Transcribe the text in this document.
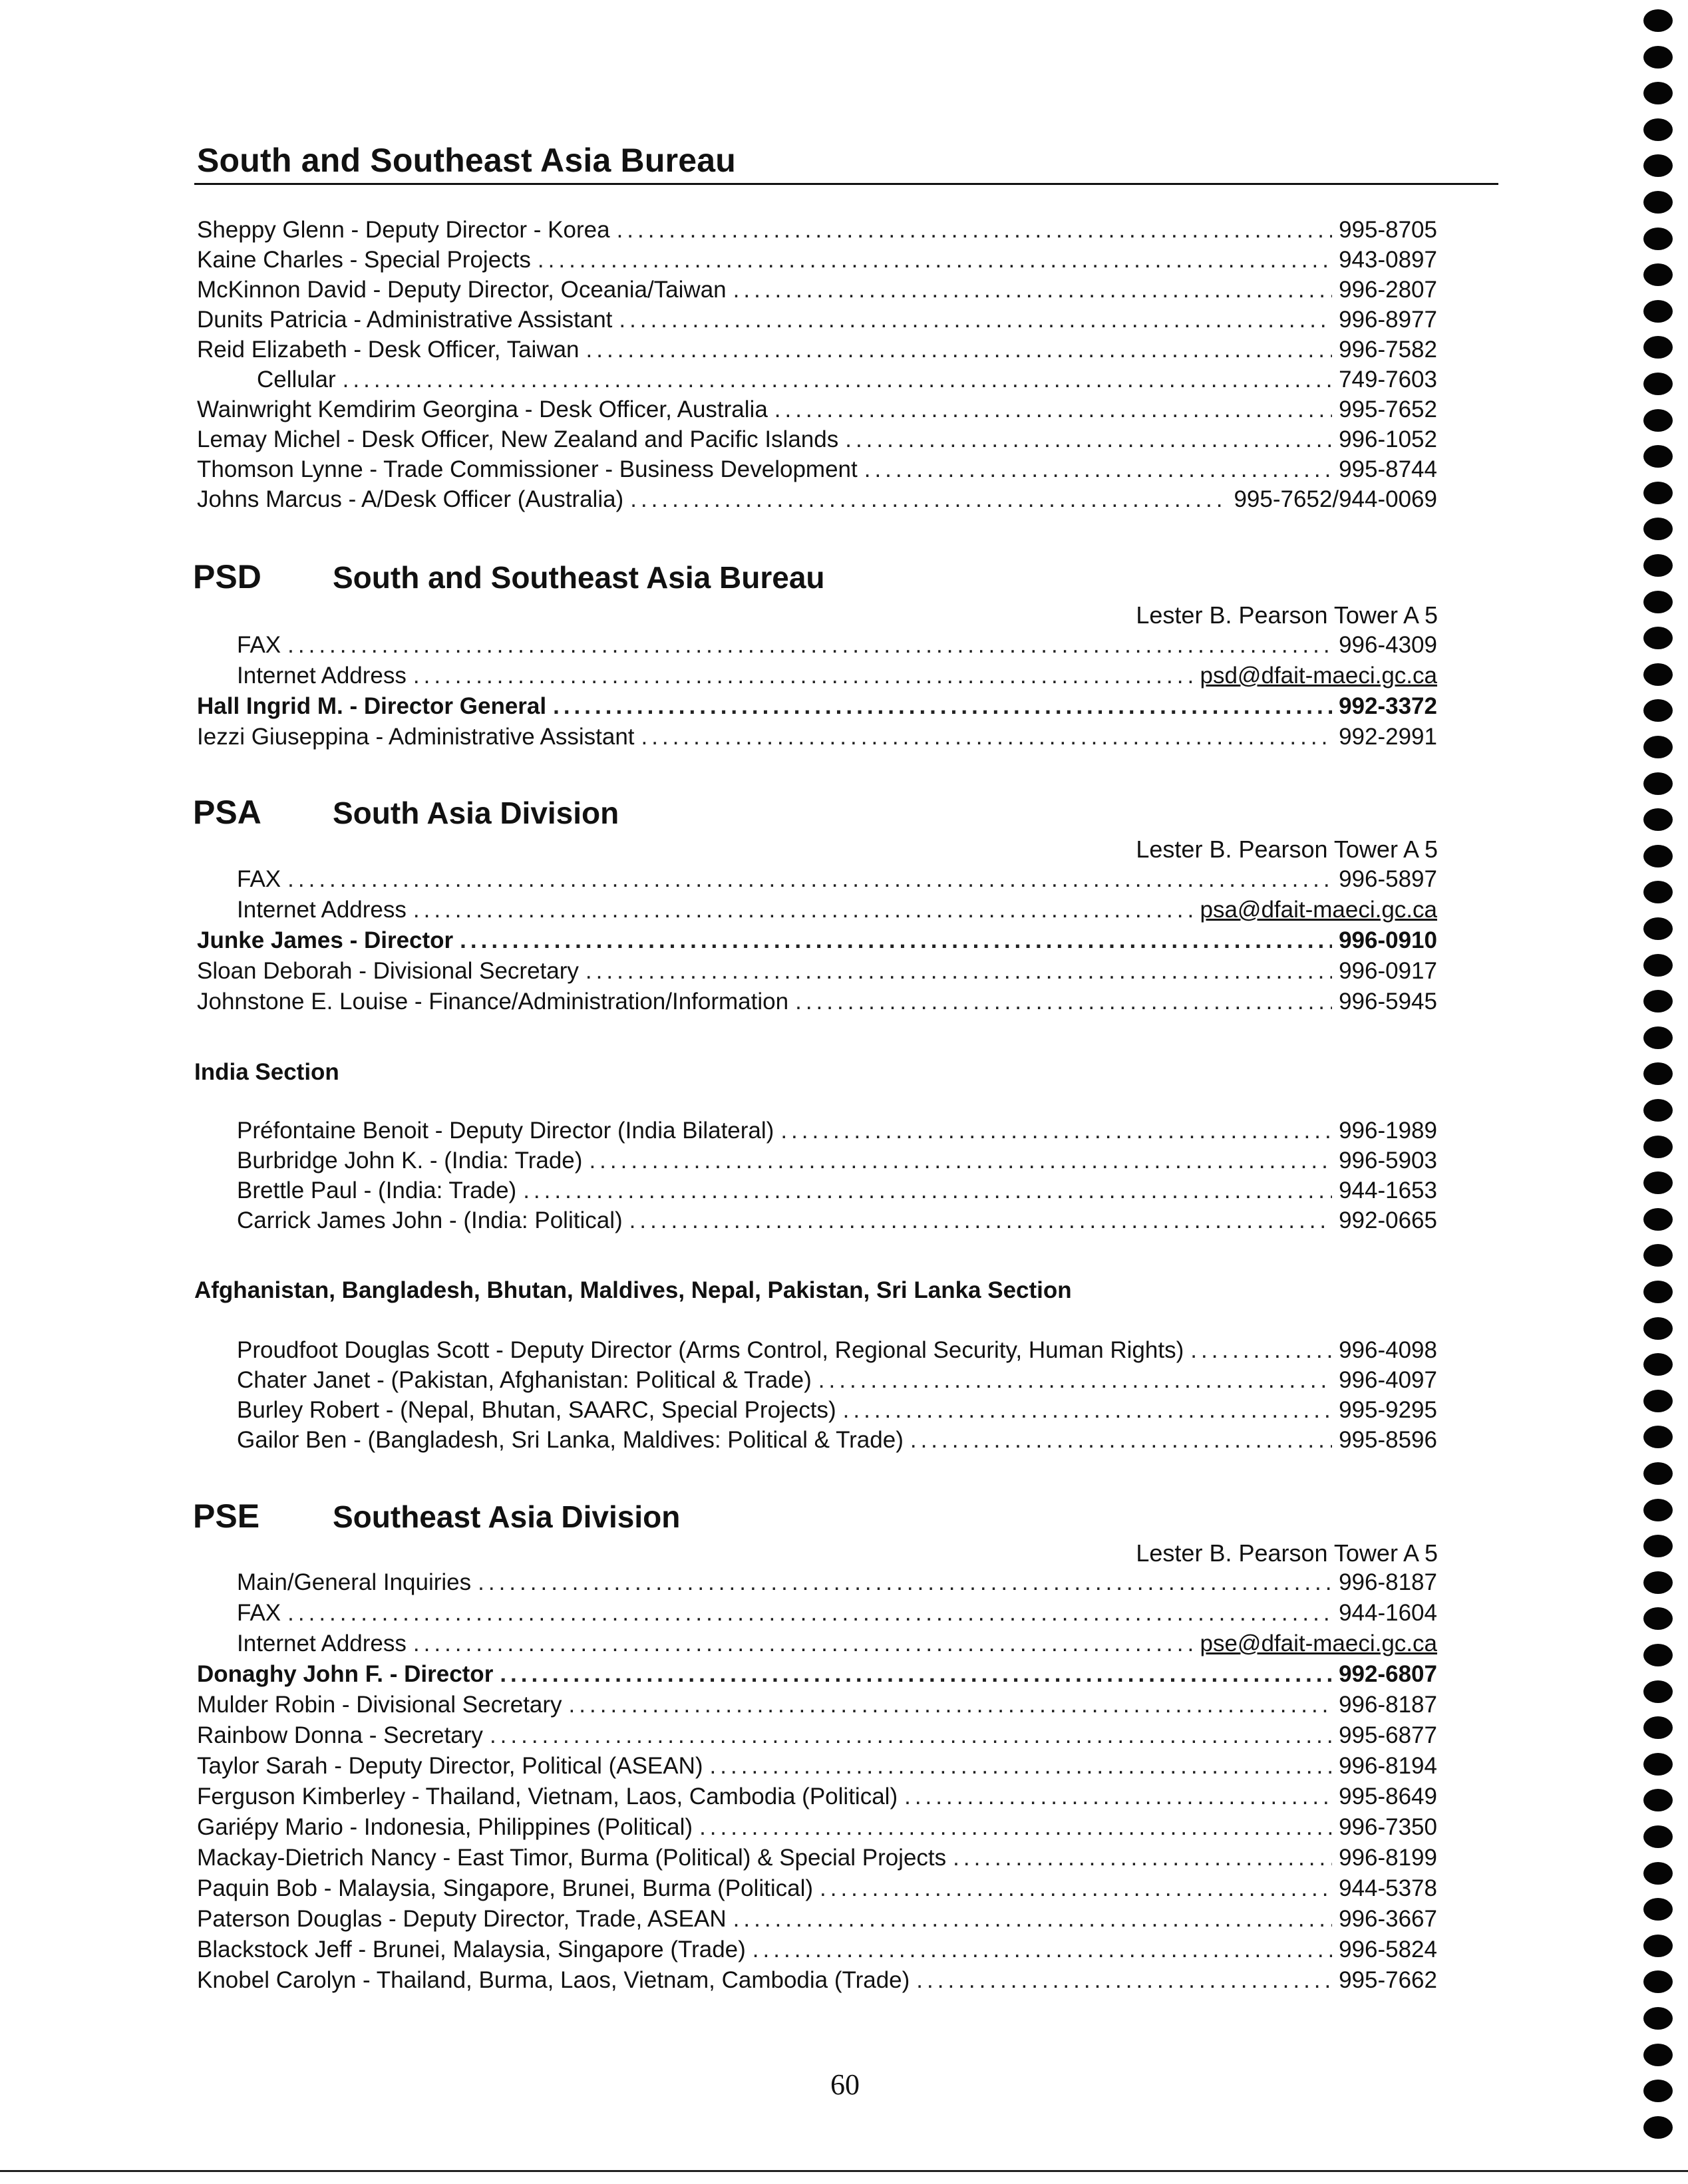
South and Southeast Asia Bureau
Sheppy Glenn - Deputy Director - Korea .....	995-8705
Kaine Charles - Special Projects .....	943-0897
McKinnon David - Deputy Director, Oceania/Taiwan .....	996-2807
Dunits Patricia - Administrative Assistant .....	996-8977
Reid Elizabeth - Desk Officer, Taiwan .....	996-7582
Cellular .....	749-7603
Wainwright Kemdirim Georgina - Desk Officer, Australia .....	995-7652
Lemay Michel - Desk Officer, New Zealand and Pacific Islands .....	996-1052
Thomson Lynne - Trade Commissioner - Business Development .....	995-8744
Johns Marcus - A/Desk Officer (Australia) .....	995-7652/944-0069
PSD South and Southeast Asia Bureau
Lester B. Pearson Tower A 5
FAX .....	996-4309
Internet Address .....	psd@dfait-maeci.gc.ca
Hall Ingrid M. - Director General .....	992-3372
Iezzi Giuseppina - Administrative Assistant .....	992-2991
PSA South Asia Division
Lester B. Pearson Tower A 5
FAX .....	996-5897
Internet Address .....	psa@dfait-maeci.gc.ca
Junke James - Director .....	996-0910
Sloan Deborah - Divisional Secretary .....	996-0917
Johnstone E. Louise - Finance/Administration/Information .....	996-5945
India Section
Préfontaine Benoit - Deputy Director (India Bilateral) .....	996-1989
Burbridge John K. - (India: Trade) .....	996-5903
Brettle Paul - (India: Trade) .....	944-1653
Carrick James John - (India: Political) .....	992-0665
Afghanistan, Bangladesh, Bhutan, Maldives, Nepal, Pakistan, Sri Lanka Section
Proudfoot Douglas Scott - Deputy Director (Arms Control, Regional Security, Human Rights) .....	996-4098
Chater Janet - (Pakistan, Afghanistan: Political & Trade) .....	996-4097
Burley Robert - (Nepal, Bhutan, SAARC, Special Projects) .....	995-9295
Gailor Ben - (Bangladesh, Sri Lanka, Maldives: Political & Trade) .....	995-8596
PSE Southeast Asia Division
Lester B. Pearson Tower A 5
Main/General Inquiries .....	996-8187
FAX .....	944-1604
Internet Address .....	pse@dfait-maeci.gc.ca
Donaghy John F. - Director .....	992-6807
Mulder Robin - Divisional Secretary .....	996-8187
Rainbow Donna - Secretary .....	995-6877
Taylor Sarah - Deputy Director, Political (ASEAN) .....	996-8194
Ferguson Kimberley - Thailand, Vietnam, Laos, Cambodia (Political) .....	995-8649
Gariépy Mario - Indonesia, Philippines (Political) .....	996-7350
Mackay-Dietrich Nancy - East Timor, Burma (Political) & Special Projects .....	996-8199
Paquin Bob - Malaysia, Singapore, Brunei, Burma (Political) .....	944-5378
Paterson Douglas - Deputy Director, Trade, ASEAN .....	996-3667
Blackstock Jeff - Brunei, Malaysia, Singapore (Trade) .....	996-5824
Knobel Carolyn - Thailand, Burma, Laos, Vietnam, Cambodia (Trade) .....	995-7662
60
